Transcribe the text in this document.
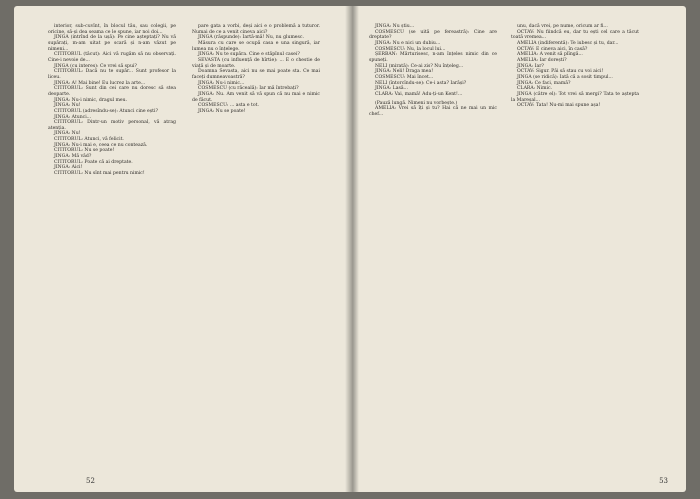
interior, sub-cuvînt, în blocul tău, sau colegii, pe oricine, să-și dea seama ce le spune, iar noi doi...

JINGA (intrînd de la ușă): Pe cine așteptați? Nu vă supărați, m-am uitat pe scară și n-am văzut pe nimeni...

CITITORUL (tăcut): Aici vă rugăm să nu observați. Cine-i nevoie de...

JINGA (cu interes): Ce vrei să spui?

CITITORUL: Dacă nu te supăr... Sunt profesor la liceu.

JINGA: A! Mai bine! Eu lucrez la arte...

CITITORUL: Sunt din cei care nu doresc să stea deoparte.

JINGA: Nu-i nimic, dragul meu.

JINGA: Nu!

CITITORUL (adresîndu-se): Atunci cine ești?

JINGA: Atunci...

CITITORUL: Dintr-un motiv personal, vă atrag atenția.

JINGA: Nu!

CITITORUL: Atunci, vă felicit.

JINGA: Nu-i mai e, ceea ce nu contează.

CITITORUL: Nu se poate!

JINGA: Mă văd?

CITITORUL: Poate că ai dreptate.

JINGA: Aici!

CITITORUL: Nu sînt mai pentru nimic!

pare gata a vorbi, deși aici e o problemă a tuturor. Numai de ce a venit cineva aici?

JINGA (răspunde): Iartă-mă! Nu, nu glumesc.

Măsura cu care se ocupă casa e una singură, iar lumea nu o înțelege.

JINGA: Nu te supăra. Cine e stăpînul casei?

SEVASTA (cu influență de hîrtie): ... E o chestie de viață și de moarte.

Doamna Sevasta, aici nu se mai poate sta. Ce mai faceți dumneavoastră?

JINGA: Nu-i nimic...

COSMESCU (cu răceală): Iar mă întrebați?

JINGA: Nu. Am venit să vă spun că nu mai e nimic de făcut.

COSMESCU: ... asta e tot.

JINGA: Nu se poate!

52

JINGA: Nu știu...

COSMESCU (se uită pe fereastră): Cine are dreptate?

JINGA: Nu e nici un dubiu...

COSMESCU: Nu, la locul lui...

ȘERBAN: Mărturisesc, n-am înțeles nimic din ce spuneți.

NELI (mirată): Ce-ai zis? Nu înțeleg...

JINGA: Neli! Draga mea!

COSMESCU: Mai încet...

NELI (întorcîndu-se): Ce-i asta? Iarăși?

JINGA: Lasă...

CLARA: Vai, mamă! Adu-ți-un Kent!...

(Pauză lungă. Nimeni nu vorbește.)

AMELIA: Vrei să îți și tu? Hai că ne mai un mic chef...

unu, dacă vrei, pe nume, oricum ar fi...

OCTAV: Nu fiindcă eu, dar tu ești cel care a tăcut toată vremea...

AMELIA (indiferentă): Te iubesc și tu, dar...

OCTAV: E cineva aici, în casă?

AMELIA: A venit să plîngă...

AMELIA: Iar dorești?

JINGA: Iar?

OCTAV: Sigur. Păi să stau cu voi aici!

JINGA (se ridică): Iată că a sosit timpul...

JINGA: Ce faci, mamă?

CLARA: Nimic.

JINGA (către el): Tot vrei să mergi? Tata te aștepta la Mareșal...

OCTAV: Tata! Nu-mi mai spune așa!

53
